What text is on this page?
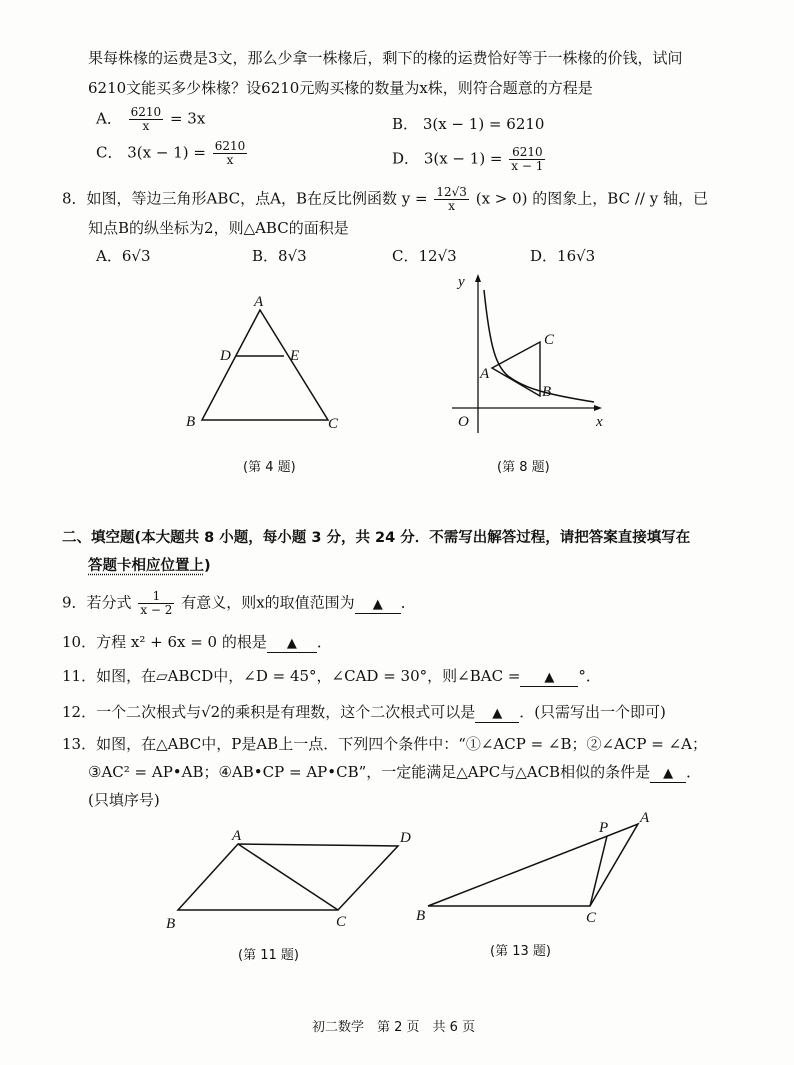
果每株椽的运费是3文，那么少拿一株椽后，剩下的椽的运费恰好等于一株椽的价钱，试问
6210文能买多少株椽？设6210元购买椽的数量为x株，则符合题意的方程是
A． $\frac{6210}{x} = 3x$	B． 3(x − 1) = 6210
C． $3(x - 1) = \frac{6210}{x}$	D． $3(x - 1) = \frac{6210}{x - 1}$
8．如图，等边三角形ABC，点A，B在反比例函数 $y = \frac{12√3}{x} (x > 0)$ 的图象上，BC // y 轴，已
知点B的纵坐标为2，则△ABC的面积是
A．6√3	B．8√3	C．12√3	D．16√3
A
D	E
B	C
(第 4 题)
y
x
O
A
B
C
(第 8 题)
二、填空题(本大题共 8 小题，每小题 3 分，共 24 分．不需写出解答过程，请把答案直接填写在
答题卡相应位置上)
9．若分式 $\frac{1}{x - 2}$ 有意义，则x的取值范围为 ▲ ．
10．方程 x² + 6x = 0 的根是 ▲ ．
11．如图，在▱ABCD中，∠D = 45°，∠CAD = 30°，则∠BAC = ▲ °．
12．一个二次根式与√2的乘积是有理数，这个二次根式可以是 ▲ ．(只需写出一个即可)
13．如图，在△ABC中，P是AB上一点．下列四个条件中：“①∠ACP = ∠B；②∠ACP = ∠A；
③AC² = AP•AB；④AB•CP = AP•CB”，一定能满足△APC与△ACB相似的条件是 ▲ ．
(只填序号)
A	D
B	C
(第 11 题)
A
P
B	C
(第 13 题)
初二数学　第 2 页　共 6 页
